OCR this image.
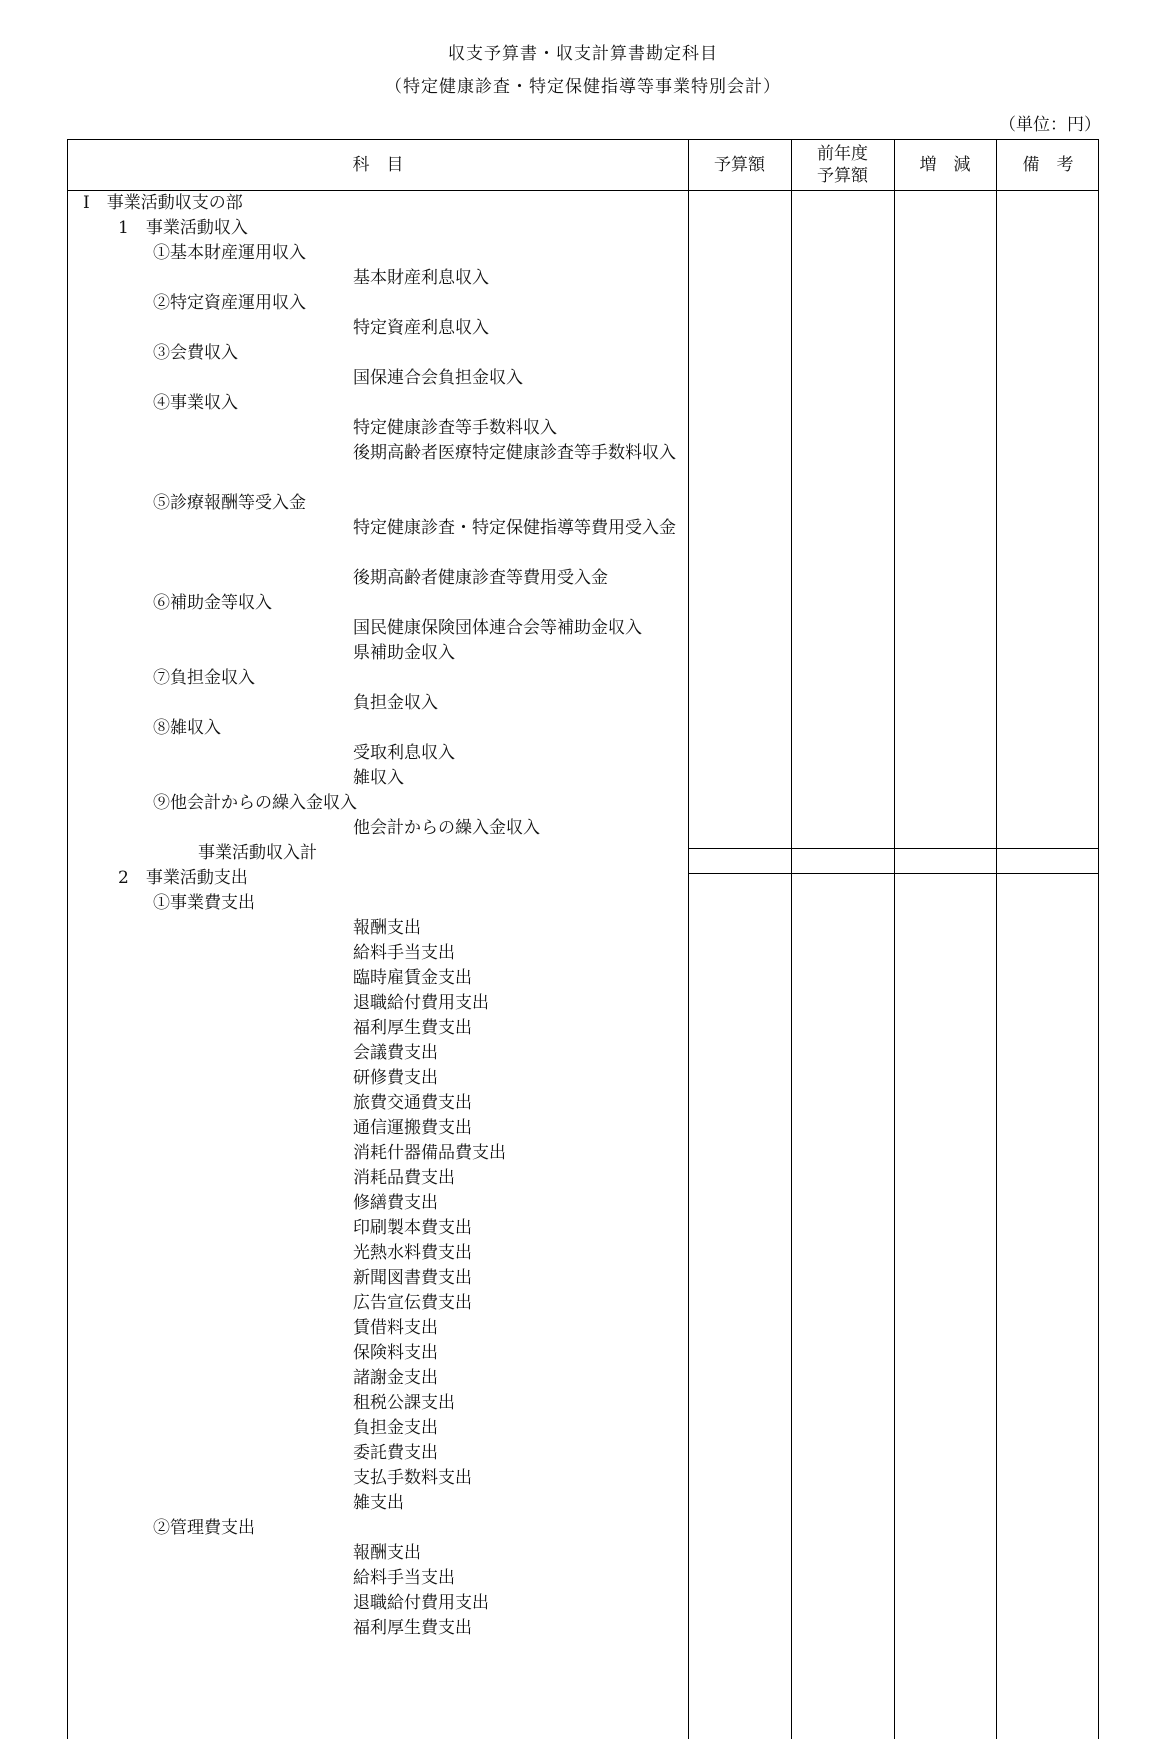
収支予算書・収支計算書勘定科目
（特定健康診査・特定保健指導等事業特別会計）
（単位：円）
科　目	予算額
前年度
予算額
増　減	備　考
Ⅰ　事業活動収支の部
1　事業活動収入
①基本財産運用収入
基本財産利息収入
②特定資産運用収入
特定資産利息収入
③会費収入
国保連合会負担金収入
④事業収入
特定健康診査等手数料収入
後期高齢者医療特定健康診査等手数料収入
⑤診療報酬等受入金
特定健康診査・特定保健指導等費用受入金
後期高齢者健康診査等費用受入金
⑥補助金等収入
国民健康保険団体連合会等補助金収入
県補助金収入
⑦負担金収入
負担金収入
⑧雑収入
受取利息収入
雑収入
⑨他会計からの繰入金収入
他会計からの繰入金収入
事業活動収入計
2　事業活動支出
①事業費支出
報酬支出
給料手当支出
臨時雇賃金支出
退職給付費用支出
福利厚生費支出
会議費支出
研修費支出
旅費交通費支出
通信運搬費支出
消耗什器備品費支出
消耗品費支出
修繕費支出
印刷製本費支出
光熱水料費支出
新聞図書費支出
広告宣伝費支出
賃借料支出
保険料支出
諸謝金支出
租税公課支出
負担金支出
委託費支出
支払手数料支出
雑支出
②管理費支出
報酬支出
給料手当支出
退職給付費用支出
福利厚生費支出
